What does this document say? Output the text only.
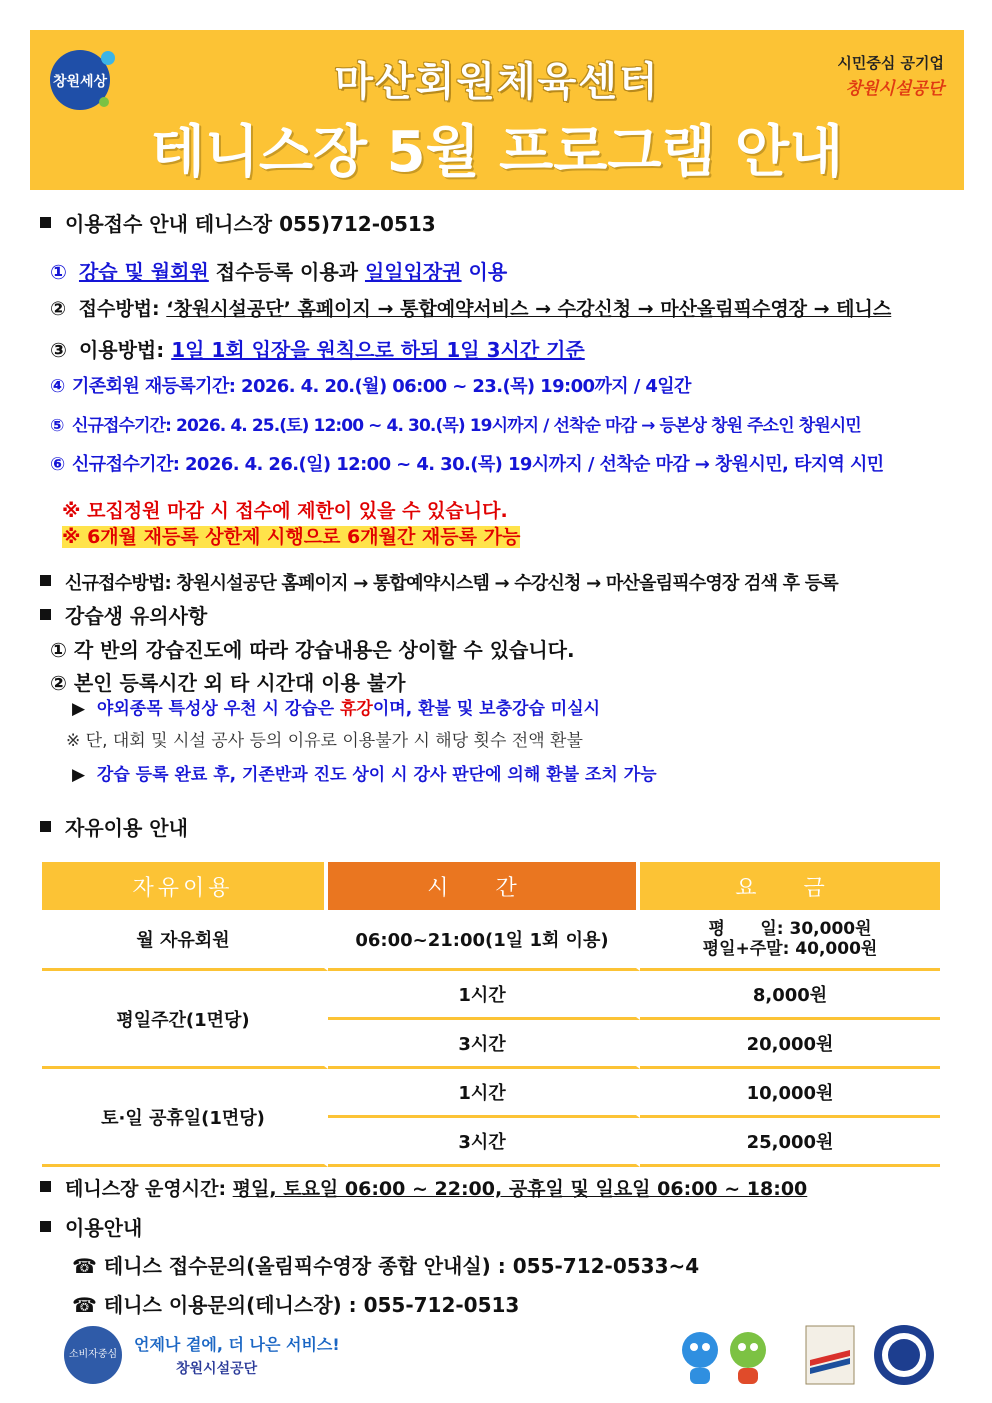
창원세상	마산회원체육센터
테니스장 5월 프로그램 안내
시민중심 공기업
창원시설공단
이용접수 안내 테니스장 055)712-0513
① 강습 및 월회원 접수등록 이용과 일일입장권 이용
② 접수방법: ‘창원시설공단’ 홈페이지 → 통합예약서비스 → 수강신청 → 마산올림픽수영장 → 테니스
③ 이용방법: 1일 1회 입장을 원칙으로 하되 1일 3시간 기준
④ 기존회원 재등록기간: 2026. 4. 20.(월) 06:00 ~ 23.(목) 19:00까지 / 4일간
⑤ 신규접수기간: 2026. 4. 25.(토) 12:00 ~ 4. 30.(목) 19시까지 / 선착순 마감 → 등본상 창원 주소인 창원시민
⑥ 신규접수기간: 2026. 4. 26.(일) 12:00 ~ 4. 30.(목) 19시까지 / 선착순 마감 → 창원시민, 타지역 시민
※ 모집정원 마감 시 접수에 제한이 있을 수 있습니다.
※ 6개월 재등록 상한제 시행으로 6개월간 재등록 가능
신규접수방법: 창원시설공단 홈페이지 → 통합예약시스템 → 수강신청 → 마산올림픽수영장 검색 후 등록
강습생 유의사항
① 각 반의 강습진도에 따라 강습내용은 상이할 수 있습니다.
② 본인 등록시간 외 타 시간대 이용 불가
▶ 야외종목 특성상 우천 시 강습은 휴강이며, 환불 및 보충강습 미실시
※ 단, 대회 및 시설 공사 등의 이유로 이용불가 시 해당 횟수 전액 환불
▶ 강습 등록 완료 후, 기존반과 진도 상이 시 강사 판단에 의해 환불 조치 가능
자유이용 안내
자유이용	시 간	요 금
월 자유회원	06:00~21:00(1일 1회 이용)	평      일: 30,000원
평일+주말: 40,000원

평일주간(1면당)	1시간	8,000원
	3시간	20,000원
토·일 공휴일(1면당)	1시간	10,000원
	3시간	25,000원
테니스장 운영시간: 평일, 토요일 06:00 ~ 22:00, 공휴일 및 일요일 06:00 ~ 18:00
이용안내
☎ 테니스 접수문의(올림픽수영장 종합 안내실) : 055-712-0533~4
☎ 테니스 이용문의(테니스장) : 055-712-0513
소비자중심
언제나 곁에, 더 나은 서비스!
창원시설공단
